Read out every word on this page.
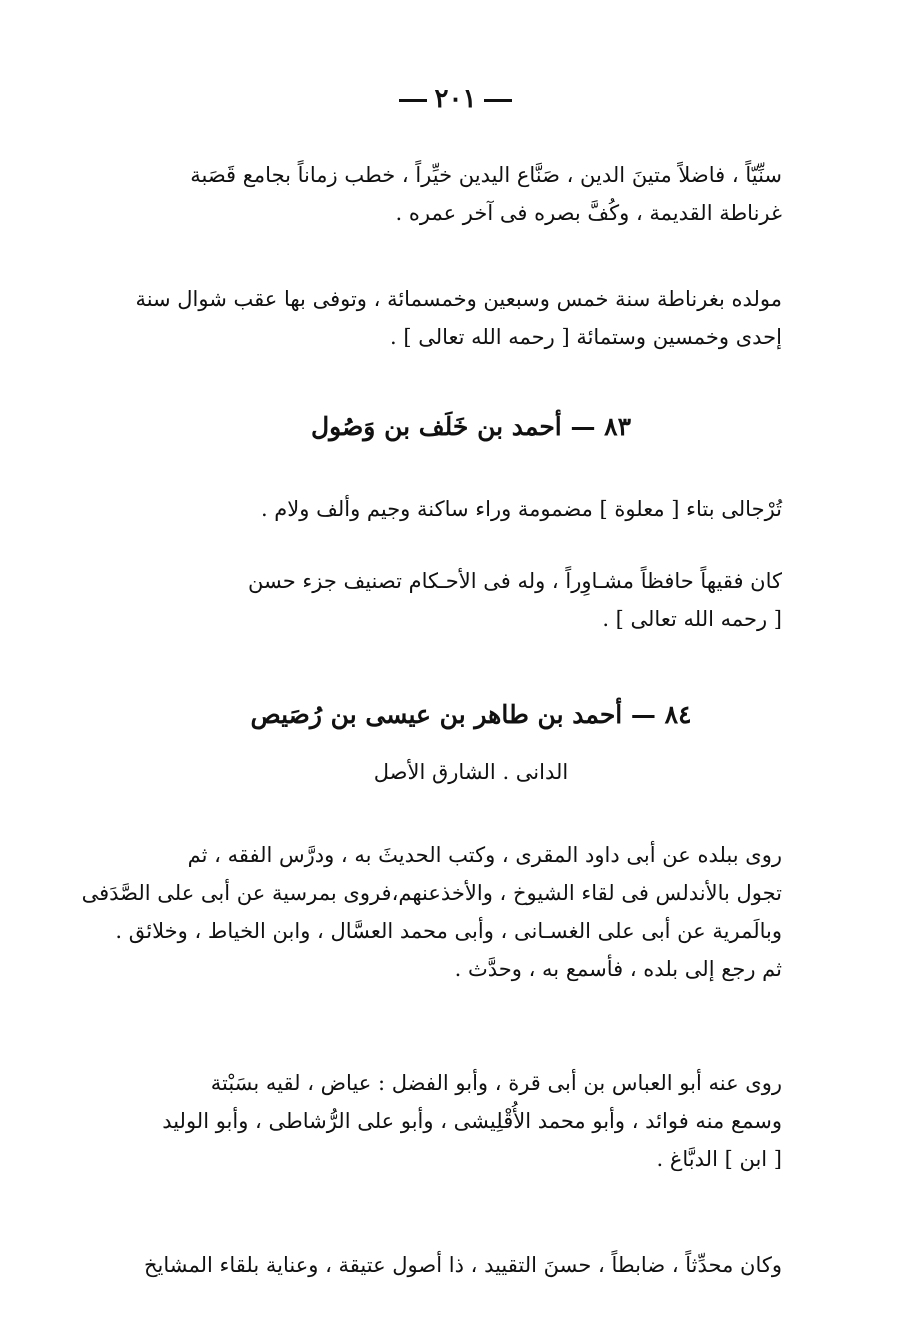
٢٠١
سنِّيّاً ، فاضلاً متينَ الدين ، صَنَّاع اليدين خيِّراً ، خطب زماناً بجامع قَصَبة
غرناطة القديمة ، وكُفَّ بصره فى آخر عمره .
مولده بغرناطة سنة خمس وسبعين وخمسمائة ، وتوفى بها عقب شوال سنة
إحدى وخمسين وستمائة [ رحمه الله تعالى ] .
٨٣ — أحمد بن خَلَف بن وَصُول
تُرْجالى بتاء [ معلوة ] مضمومة وراء ساكنة وجيم وألف ولام .
كان فقيهاً حافظاً مشـاوِراً ، وله فى الأحـكام تصنيف جزء حسن
[ رحمه الله تعالى ] .
٨٤ — أحمد بن طاهر بن عيسى بن رُصَيص
الدانى . الشارق الأصل
روى ببلده عن أبى داود المقرى ، وكتب الحديثَ به ، ودرَّس الفقه ، ثم
تجول بالأندلس فى لقاء الشيوخ ، والأخذعنهم،فروى بمرسية عن أبى على الصَّدَفى
وبالَمرية عن أبى على الغسـانى ، وأبى محمد العسَّال ، وابن الخياط ، وخلائق .
ثم رجع إلى بلده ، فأسمع به ، وحدَّث .
روى عنه أبو العباس بن أبى قرة ، وأبو الفضل : عياض ، لقيه بسَبْتة
وسمع منه فوائد ، وأبو محمد الأُقْلِيشى ، وأبو على الرُّشاطى ، وأبو الوليد
[ ابن ] الدبَّاغ .
وكان محدِّثاً ، ضابطاً ، حسنَ التقييد ، ذا أصول عتيقة ، وعناية بلقاء المشايخ
